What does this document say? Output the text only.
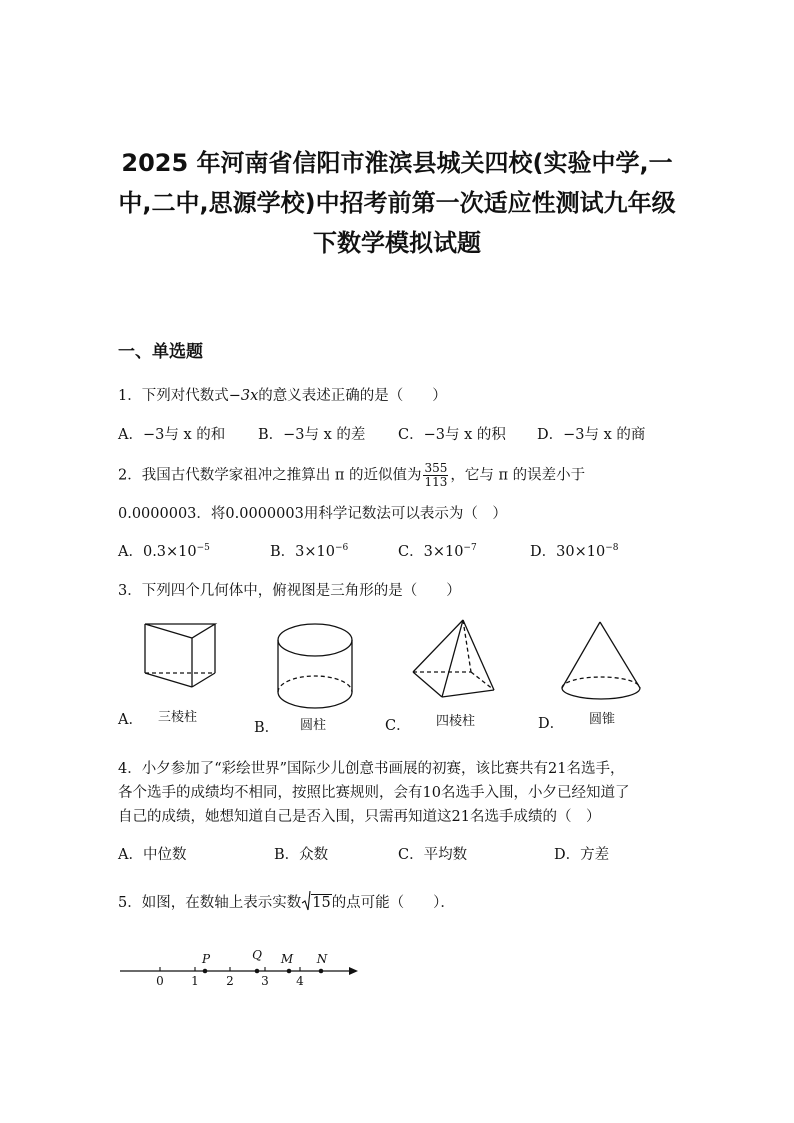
2025 年河南省信阳市淮滨县城关四校(实验中学,一
中,二中,思源学校)中招考前第一次适应性测试九年级
下数学模拟试题
一、单选题
1．下列对代数式−3x的意义表述正确的是（　　）
A．−3与 x 的和 B．−3与 x 的差 C．−3与 x 的积 D．−3与 x 的商
2．我国古代数学家祖冲之推算出 π 的近似值为 $\frac{355}{113}$ ，它与 π 的误差小于
0.0000003．将0.0000003用科学记数法可以表示为（　）
A．$0.3\times 10^{-5}$	B．$3\times 10^{-6}$	C．$3\times 10^{-7}$	D．$30\times 10^{-8}$
3．下列四个几何体中，俯视图是三角形的是（　　）
A． 三棱柱
B． 圆柱	C． 四棱柱	D． 圆锥
4．小夕参加了“彩绘世界”国际少儿创意书画展的初赛，该比赛共有21名选手，
各个选手的成绩均不相同，按照比赛规则，会有10名选手入围，小夕已经知道了
自己的成绩，她想知道自己是否入围，只需再知道这21名选手成绩的（　）
A．中位数	B．众数	C．平均数	D．方差
5．如图，在数轴上表示实数 15的点可能（　　）．
0 1 2 3 4
P	Q M N
